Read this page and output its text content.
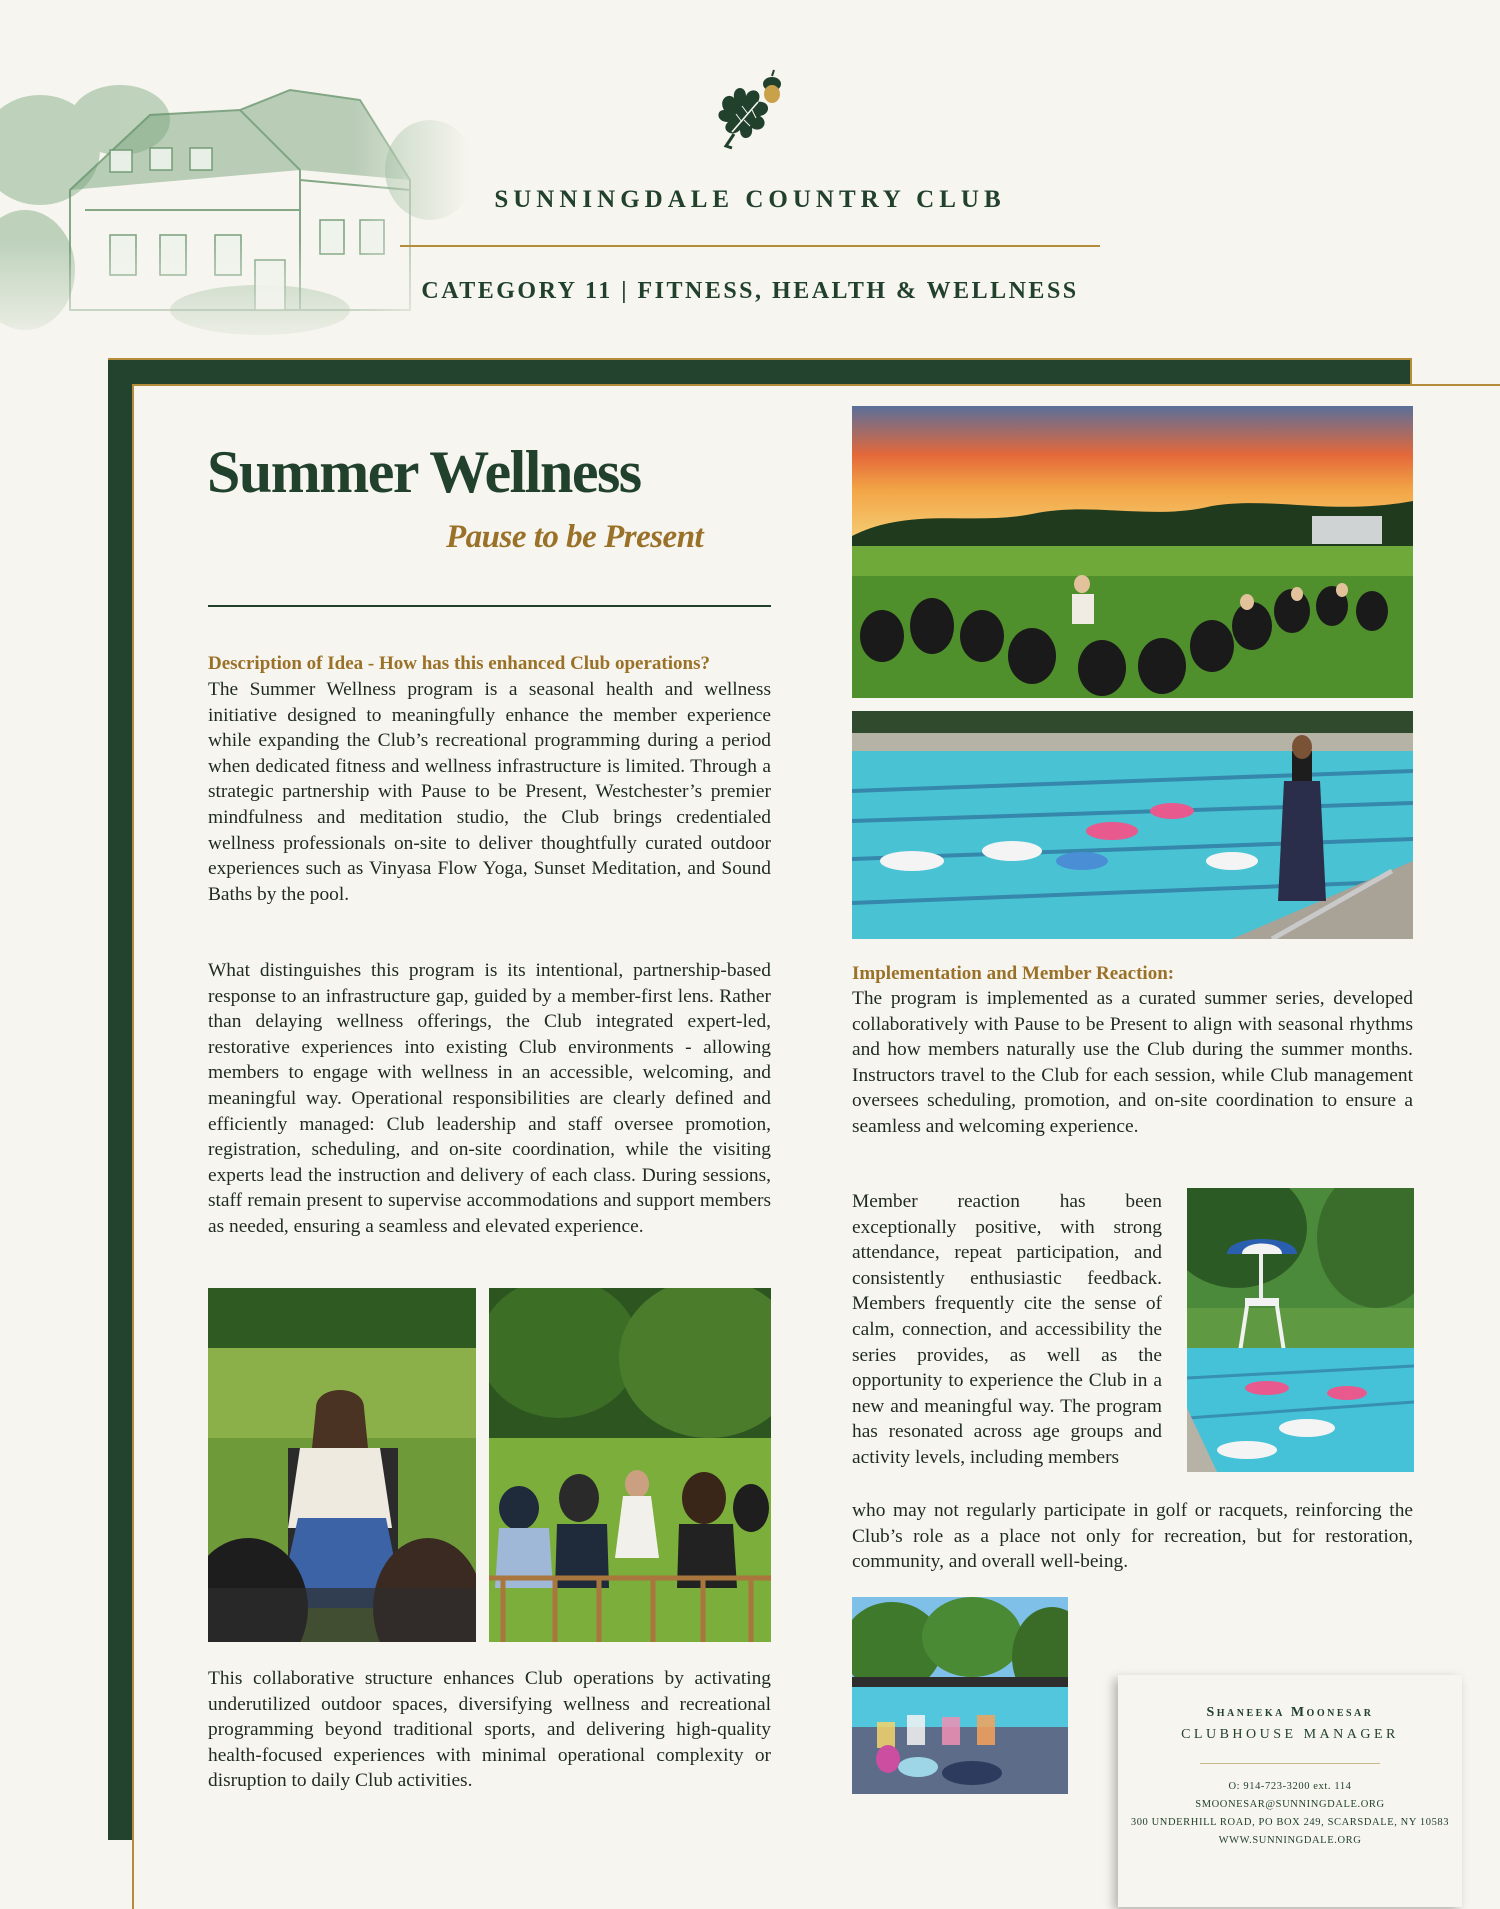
SUNNINGDALE COUNTRY CLUB
CATEGORY 11 | FITNESS, HEALTH & WELLNESS
Summer Wellness
Pause to be Present
Description of Idea - How has this enhanced Club operations?

The Summer Wellness program is a seasonal health and wellness initiative designed to meaningfully enhance the member experience while expanding the Club’s recreational programming during a period when dedicated fitness and wellness infrastructure is limited. Through a strategic partnership with Pause to be Present, Westchester’s premier mindfulness and meditation studio, the Club brings credentialed wellness professionals on-site to deliver thoughtfully curated outdoor experiences such as Vinyasa Flow Yoga, Sunset Meditation, and Sound Baths by the pool.

What distinguishes this program is its intentional, partnership-based response to an infrastructure gap, guided by a member-first lens. Rather than delaying wellness offerings, the Club integrated expert-led, restorative experiences into existing Club environments - allowing members to engage with wellness in an accessible, welcoming, and meaningful way. Operational responsibilities are clearly defined and efficiently managed: Club leadership and staff oversee promotion, registration, scheduling, and on-site coordination, while the visiting experts lead the instruction and delivery of each class. During sessions, staff remain present to supervise accommodations and support members as needed, ensuring a seamless and elevated experience.

This collaborative structure enhances Club operations by activating underutilized outdoor spaces, diversifying wellness and recreational programming beyond traditional sports, and delivering high-quality health-focused experiences with minimal operational complexity or disruption to daily Club activities.

Implementation and Member Reaction:

The program is implemented as a curated summer series, developed collaboratively with Pause to be Present to align with seasonal rhythms and how members naturally use the Club during the summer months. Instructors travel to the Club for each session, while Club management oversees scheduling, promotion, and on-site coordination to ensure a seamless and welcoming experience.

Member reaction has been exceptionally positive, with strong attendance, repeat participation, and consistently enthusiastic feedback. Members frequently cite the sense of calm, connection, and accessibility the series provides, as well as the opportunity to experience the Club in a new and meaningful way. The program has resonated across age groups and activity levels, including members

who may not regularly participate in golf or racquets, reinforcing the Club’s role as a place not only for recreation, but for restoration, community, and overall well-being.

Shaneeka Moonesar

CLUBHOUSE MANAGER

O: 914-723-3200 ext. 114

SMOONESAR@SUNNINGDALE.ORG

300 UNDERHILL ROAD, PO BOX 249, SCARSDALE, NY 10583

WWW.SUNNINGDALE.ORG
